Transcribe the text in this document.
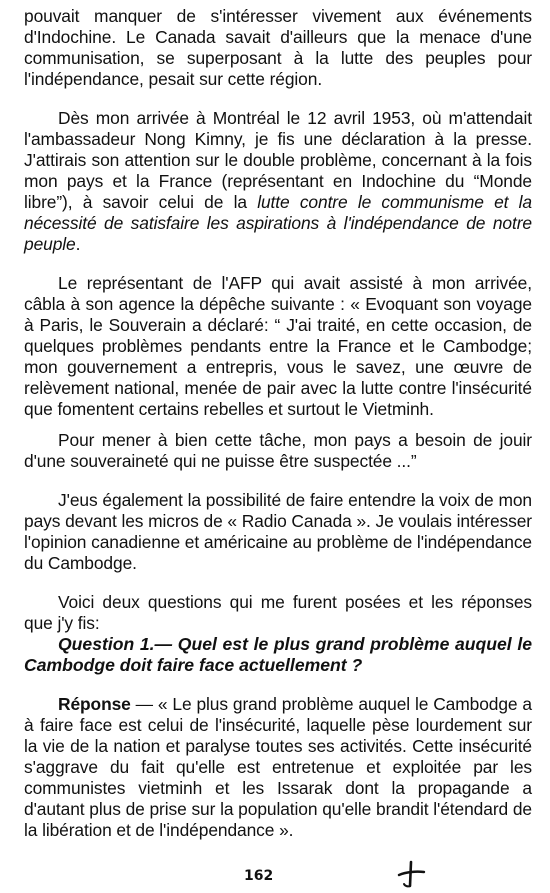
pouvait manquer de s'intéresser vivement aux événements d'Indochine. Le Canada savait d'ailleurs que la menace d'une communisation, se superposant à la lutte des peuples pour l'indépendance, pesait sur cette région.

Dès mon arrivée à Montréal le 12 avril 1953, où m'attendait l'ambassadeur Nong Kimny, je fis une déclaration à la presse. J'attirais son attention sur le double problème, concernant à la fois mon pays et la France (représentant en Indochine du “Monde libre”), à savoir celui de la lutte contre le communisme et la nécessité de satisfaire les aspirations à l'indépendance de notre peuple.

Le représentant de l'AFP qui avait assisté à mon arrivée, câbla à son agence la dépêche suivante : « Evoquant son voyage à Paris, le Souverain a déclaré: “ J'ai traité, en cette occasion, de quelques problèmes pendants entre la France et le Cambodge; mon gouvernement a entrepris, vous le savez, une œuvre de relèvement national, menée de pair avec la lutte contre l'insécurité que fomentent certains rebelles et surtout le Vietminh.

Pour mener à bien cette tâche, mon pays a besoin de jouir d'une souveraineté qui ne puisse être suspectée ...”

J'eus également la possibilité de faire entendre la voix de mon pays devant les micros de « Radio Canada ». Je voulais intéresser l'opinion canadienne et américaine au problème de l'indépendance du Cambodge.

Voici deux questions qui me furent posées et les réponses que j'y fis:

Question 1.— Quel est le plus grand problème auquel le Cambodge doit faire face actuellement ?

Réponse — « Le plus grand problème auquel le Cambodge a à faire face est celui de l'insécurité, laquelle pèse lourdement sur la vie de la nation et paralyse toutes ses activités. Cette insécurité s'aggrave du fait qu'elle est entretenue et exploitée par les communistes vietminh et les Issarak dont la propagande a d'autant plus de prise sur la population qu'elle brandit l'étendard de la libération et de l'indépendance ».

162
